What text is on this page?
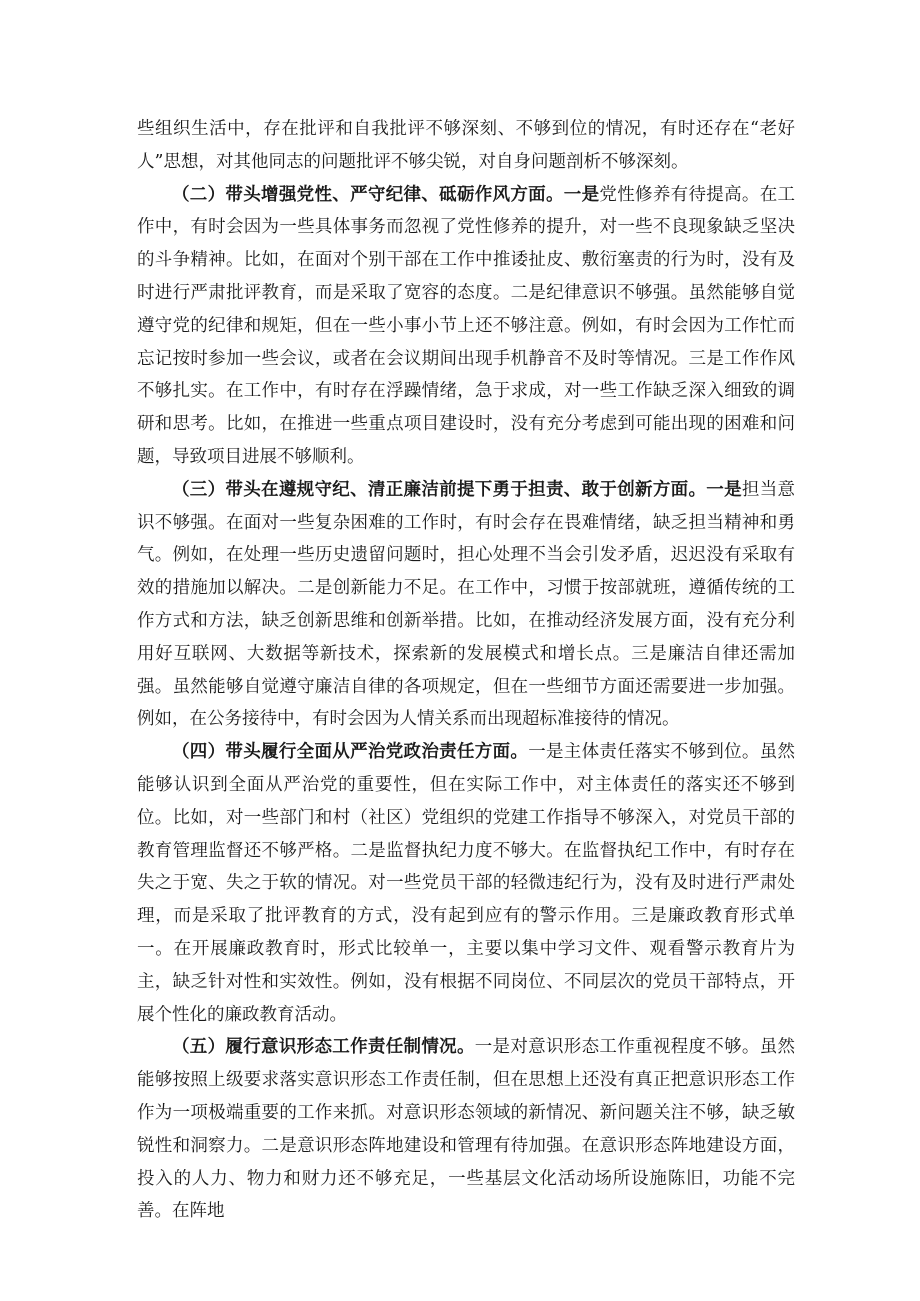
些组织生活中，存在批评和自我批评不够深刻、不够到位的情况，有时还存在“老好人”思想，对其他同志的问题批评不够尖锐，对自身问题剖析不够深刻。

（二）带头增强党性、严守纪律、砥砺作风方面。一是党性修养有待提高。在工作中，有时会因为一些具体事务而忽视了党性修养的提升，对一些不良现象缺乏坚决的斗争精神。比如，在面对个别干部在工作中推诿扯皮、敷衍塞责的行为时，没有及时进行严肃批评教育，而是采取了宽容的态度。二是纪律意识不够强。虽然能够自觉遵守党的纪律和规矩，但在一些小事小节上还不够注意。例如，有时会因为工作忙而忘记按时参加一些会议，或者在会议期间出现手机静音不及时等情况。三是工作作风不够扎实。在工作中，有时存在浮躁情绪，急于求成，对一些工作缺乏深入细致的调研和思考。比如，在推进一些重点项目建设时，没有充分考虑到可能出现的困难和问题，导致项目进展不够顺利。

（三）带头在遵规守纪、清正廉洁前提下勇于担责、敢于创新方面。一是担当意识不够强。在面对一些复杂困难的工作时，有时会存在畏难情绪，缺乏担当精神和勇气。例如，在处理一些历史遗留问题时，担心处理不当会引发矛盾，迟迟没有采取有效的措施加以解决。二是创新能力不足。在工作中，习惯于按部就班，遵循传统的工作方式和方法，缺乏创新思维和创新举措。比如，在推动经济发展方面，没有充分利用好互联网、大数据等新技术，探索新的发展模式和增长点。三是廉洁自律还需加强。虽然能够自觉遵守廉洁自律的各项规定，但在一些细节方面还需要进一步加强。例如，在公务接待中，有时会因为人情关系而出现超标准接待的情况。

（四）带头履行全面从严治党政治责任方面。一是主体责任落实不够到位。虽然能够认识到全面从严治党的重要性，但在实际工作中，对主体责任的落实还不够到位。比如，对一些部门和村（社区）党组织的党建工作指导不够深入，对党员干部的教育管理监督还不够严格。二是监督执纪力度不够大。在监督执纪工作中，有时存在失之于宽、失之于软的情况。对一些党员干部的轻微违纪行为，没有及时进行严肃处理，而是采取了批评教育的方式，没有起到应有的警示作用。三是廉政教育形式单一。在开展廉政教育时，形式比较单一，主要以集中学习文件、观看警示教育片为主，缺乏针对性和实效性。例如，没有根据不同岗位、不同层次的党员干部特点，开展个性化的廉政教育活动。

（五）履行意识形态工作责任制情况。一是对意识形态工作重视程度不够。虽然能够按照上级要求落实意识形态工作责任制，但在思想上还没有真正把意识形态工作作为一项极端重要的工作来抓。对意识形态领域的新情况、新问题关注不够，缺乏敏锐性和洞察力。二是意识形态阵地建设和管理有待加强。在意识形态阵地建设方面，投入的人力、物力和财力还不够充足，一些基层文化活动场所设施陈旧，功能不完善。在阵地
